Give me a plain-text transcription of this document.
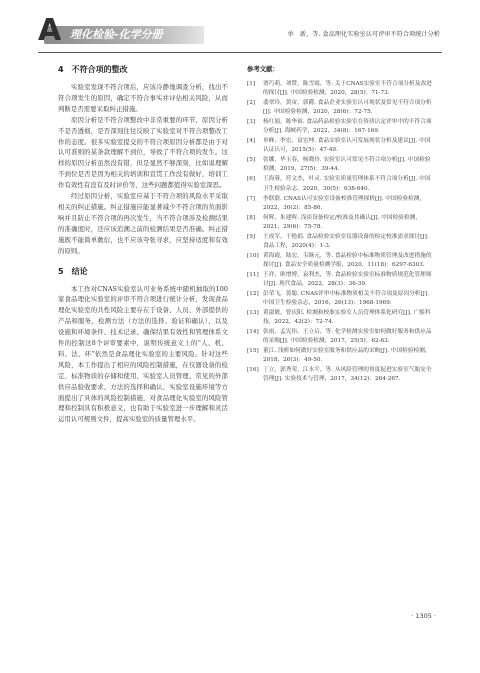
A 理化检验-化学分册	单　新，等. 食品理化实验室认可评审不符合项统计分析
4　不符合项的整改

实验室发现不符合项后，应该冷静地调查分析，找出不符合项发生的原因，确定不符合事实并评估相关风险，从而判断是否需要采取纠正措施。

原因分析是不符合项整改中非常重要的环节，原因分析不是否透彻，是否深刻往往反映了实验室对不符合项整改工作的态度。很多实验室提交的不符合项原因分析都是由于对认可准则的某条款理解不到位，导致了不符合项的发生。这样的原因分析虽然没有错，但是显然不够深刻，比如说理解不到位是否是因为相关的培训和宣贯工作没有做好，培训工作有效性有没有及时评价等，这些问题都值得实验室深思。

经过原因分析，实验室应基于不符合项的风险水平采取相关的纠正措施。纠正措施应能显著减少不符合项的负面影响并且防止不符合项的再次发生，当不符合项涉及检测结果的准确度时，还应该追溯之前的检测结果是否准确。纠正措施既不能简单敷衍，也不应该夸张寻求，应坚持适度和有效的原则。

5　结论

本工作对CNAS实验室认可业务系统中随机抽取的100家食品理化实验室的评审不符合项进行统计分析，发现食品理化实验室的共性风险主要存在于设备、人员、外部提供的产品和服务、检测方法（方法的选择、验证和确认）、以及设施和环境条件、技术记录、确保结果有效性和管理体系文件的控制这8个评审要素中，说明传统意义上的“人、机、料、法、环”依然是食品理化实验室的主要风险。针对这些风险，本工作提出了相应的风险控制措施，在仪器设备的检定、标准物质的存储和使用、实验室人员管理、常见的外部供应品验收要求、方法的选择和确认、实验室设施环境等方面提出了具体的风险控制措施，对食品理化实验室的风险管理和控制具有积极意义，也有助于实验室进一步理解和灵活运用认可规则文件，提高实验室的质量管理水平。

参考文献：
[1] 贾巧莉，刘赞，陈雪霞，等. 关于CNAS实验室不符合项分析及改进的探讨[J]. 中国检验检测，2020，28(5)：71-73.
[2] 翡翠玲，黄宙，郭爵. 食品企业实验室认可现状及常见不符合项分析[J]. 中国检验检测，2020，28(6)：72-75.
[3] 杨红娟，陈华裕. 食品药品检验实验室在资质认定评审中的不符合项分析[J]. 海峡药学，2022，34(8)：167-169.
[4] 单峰，李宏，富宏坤. 食品实验室认可发展现状分析及建议[J]. 中国认证认可，2015(5)：47-49.
[5] 张娜，毕玉春，杨晓玲. 实验室认可常见不符合项分析[J]. 中国检验检测，2019，27(5)：39-44.
[6] 王海蓉，符文杰，叶灵. 实验室质量管理体系不符合项分析[J]. 中国卫生检验杂志，2020，30(5)：638-640.
[7] 李联联. CNAS认可实验室设备校准管理探析[J]. 中国检验检测，2022，30(2)：85-86.
[8] 何辉，朱建晖. 浅谈设备检定/校准及其确认[J]. 中国检验检测，2021，29(6)：75-78.
[9] 王成军，于艳娟. 食品检验实验室仪器设备的检定校准需求探讨[J]. 食品工程，2020(4)：1-3.
[10] 黄海霞，陆宏，韦继元，等. 食品检验中标准物质管理及改进措施的探讨[J]. 食品安全质量检测学报，2020，11(18)：6297-6303.
[11] 王祥，耿增博，袁利杰，等. 食品检验实验室标准物质规范化管理探讨[J]. 现代食品，2022，28(3)：36-39.
[12] 彭荣飞，黄聪. CNAS评审中标准物质相关不符合项及原因分析[J]. 中国卫生检验杂志，2016，26(13)：1968-1969.
[13] 黄淑敏，曾庆阳. 检测和校准实验室人员管理体系化研究[J]. 广船科技，2022，42(2)：72-74.
[14] 张雨，孟宪伟，王立启，等. 化学检测实验室如何做好服务和供应品的采购[J]. 中国检验检测，2017，25(5)：62-63.
[15] 董江. 浅析如何做好实验室服务和供应品的采购[J]. 中国检验检测，2018，26(3)：49-50.
[16] 丁立，郭秀荣，江水平，等. 从风险管理的角度促进实验室气瓶安全管理[J]. 实验技术与管理，2017，34(12)：264-267.
· 1305 ·
